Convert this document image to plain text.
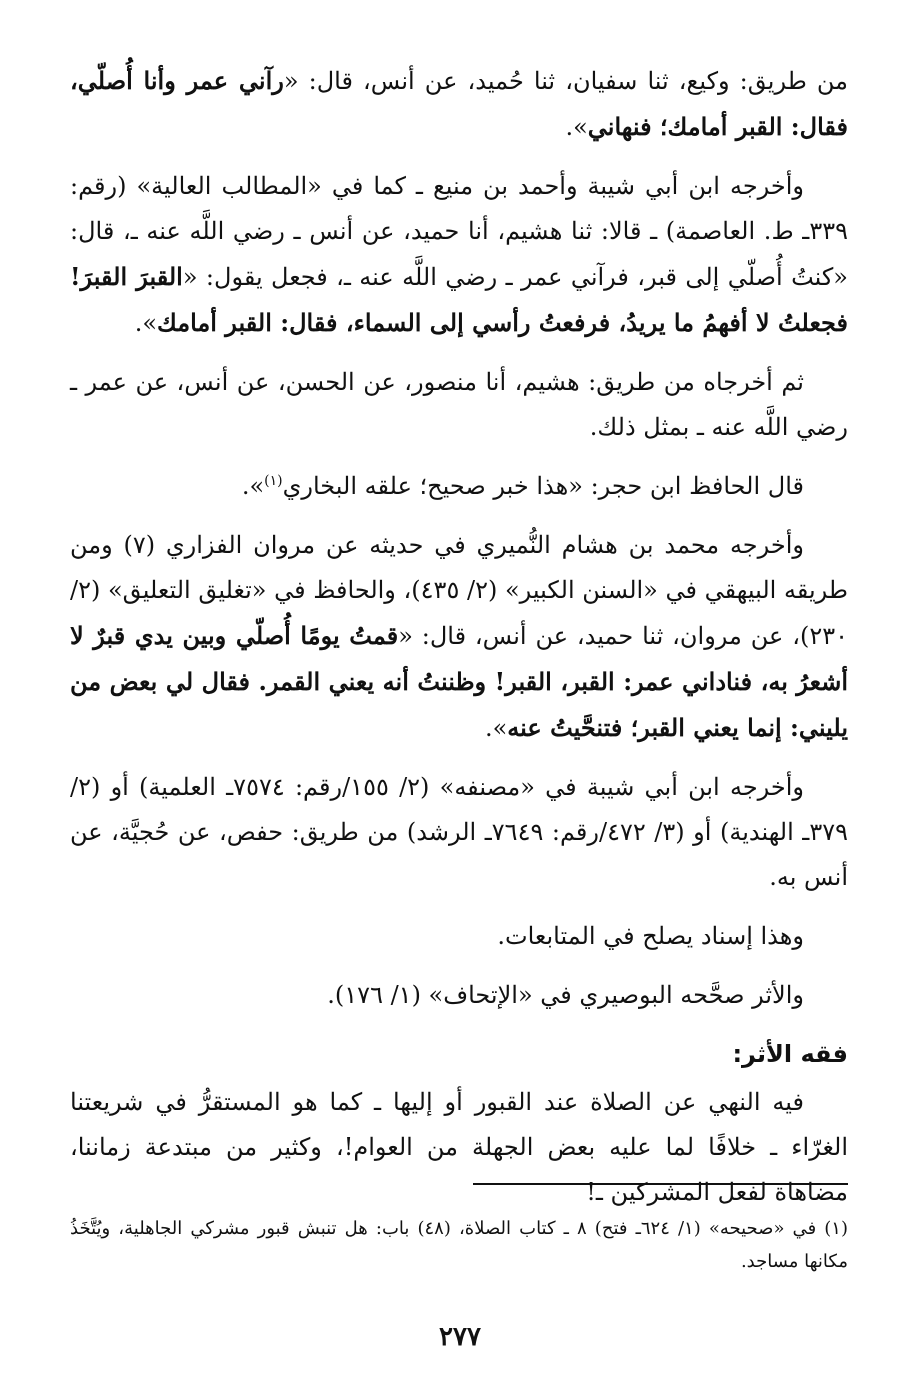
من طريق: وكيع، ثنا سفيان، ثنا حُميد، عن أنس، قال: «رآني عمر وأنا أُصلّي، فقال: القبر أمامك؛ فنهاني».

وأخرجه ابن أبي شيبة وأحمد بن منيع ـ كما في «المطالب العالية» (رقم: ٣٣٩ـ ط. العاصمة) ـ قالا: ثنا هشيم، أنا حميد، عن أنس ـ رضي اللَّه عنه ـ، قال: «كنتُ أُصلّي إلى قبر، فرآني عمر ـ رضي اللَّه عنه ـ، فجعل يقول: «القبرَ القبرَ! فجعلتُ لا أفهمُ ما يريدُ، فرفعتُ رأسي إلى السماء، فقال: القبر أمامك».

ثم أخرجاه من طريق: هشيم، أنا منصور، عن الحسن، عن أنس، عن عمر ـ رضي اللَّه عنه ـ بمثل ذلك.

قال الحافظ ابن حجر: «هذا خبر صحيح؛ علقه البخاري$^{(١)}$».

وأخرجه محمد بن هشام النُّميري في حديثه عن مروان الفزاري (٧) ومن طريقه البيهقي في «السنن الكبير» (٢/ ٤٣٥)، والحافظ في «تغليق التعليق» (٢/ ٢٣٠)، عن مروان، ثنا حميد، عن أنس، قال: «قمتُ يومًا أُصلّي وبين يدي قبرٌ لا أشعرُ به، فناداني عمر: القبر، القبر! وظننتُ أنه يعني القمر. فقال لي بعض من يليني: إنما يعني القبر؛ فتنحَّيتُ عنه».

وأخرجه ابن أبي شيبة في «مصنفه» (٢/ ١٥٥/رقم: ٧٥٧٤ـ العلمية) أو (٢/ ٣٧٩ـ الهندية) أو (٣/ ٤٧٢/رقم: ٧٦٤٩ـ الرشد) من طريق: حفص، عن حُجيَّة، عن أنس به.

وهذا إسناد يصلح في المتابعات.

والأثر صحَّحه البوصيري في «الإتحاف» (١/ ١٧٦).

فقه الأثر:

فيه النهي عن الصلاة عند القبور أو إليها ـ كما هو المستقرُّ في شريعتنا الغرّاء ـ خلافًا لما عليه بعض الجهلة من العوام!، وكثير من مبتدعة زماننا، مضاهاة لفعل المشركين ـ!

(١) في «صحيحه» (١/ ٦٢٤ـ فتح) ٨ ـ كتاب الصلاة، (٤٨) باب: هل تنبش قبور مشركي الجاهلية، ويُتَّخَذُ مكانها مساجد.
٢٧٧
